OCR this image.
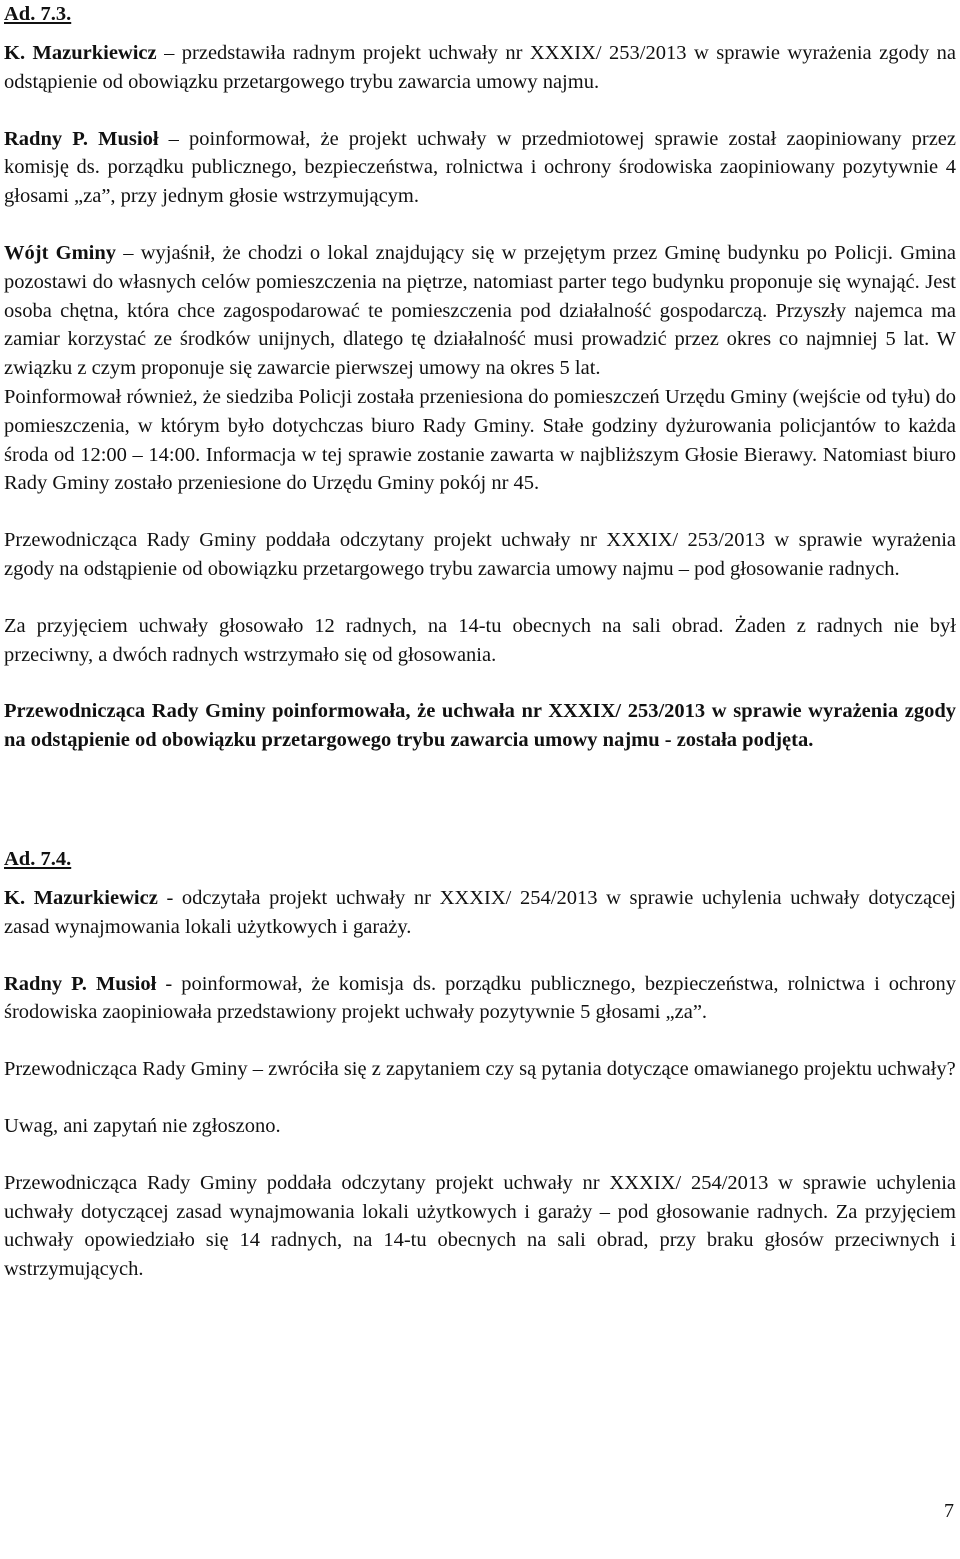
Ad. 7.3.

K. Mazurkiewicz – przedstawiła radnym projekt uchwały nr XXXIX/ 253/2013 w sprawie wyrażenia zgody na odstąpienie od obowiązku przetargowego trybu zawarcia umowy najmu.

Radny P. Musioł – poinformował, że projekt uchwały w przedmiotowej sprawie został zaopiniowany przez komisję ds. porządku publicznego, bezpieczeństwa, rolnictwa i ochrony środowiska zaopiniowany pozytywnie 4 głosami „za”, przy jednym głosie wstrzymującym.

Wójt Gminy – wyjaśnił, że chodzi o lokal znajdujący się w przejętym przez Gminę budynku po Policji. Gmina pozostawi do własnych celów pomieszczenia na piętrze, natomiast parter tego budynku proponuje się wynająć. Jest osoba chętna, która chce zagospodarować te pomieszczenia pod działalność gospodarczą. Przyszły najemca ma zamiar korzystać ze środków unijnych, dlatego tę działalność musi prowadzić przez okres co najmniej 5 lat. W związku z czym proponuje się zawarcie pierwszej umowy na okres 5 lat.

Poinformował również, że siedziba Policji została przeniesiona do pomieszczeń Urzędu Gminy (wejście od tyłu) do pomieszczenia, w którym było dotychczas biuro Rady Gminy. Stałe godziny dyżurowania policjantów to każda środa od 12:00 – 14:00. Informacja w tej sprawie zostanie zawarta w najbliższym Głosie Bierawy. Natomiast biuro Rady Gminy zostało przeniesione do Urzędu Gminy pokój nr 45.

Przewodnicząca Rady Gminy poddała odczytany projekt uchwały nr XXXIX/ 253/2013 w sprawie wyrażenia zgody na odstąpienie od obowiązku przetargowego trybu zawarcia umowy najmu – pod głosowanie radnych.

Za przyjęciem uchwały głosowało 12 radnych, na 14-tu obecnych na sali obrad. Żaden z radnych nie był przeciwny, a dwóch radnych wstrzymało się od głosowania.

Przewodnicząca Rady Gminy poinformowała, że uchwała nr XXXIX/ 253/2013 w sprawie wyrażenia zgody na odstąpienie od obowiązku przetargowego trybu zawarcia umowy najmu - została podjęta.

Ad. 7.4.

K. Mazurkiewicz - odczytała projekt uchwały nr XXXIX/ 254/2013 w sprawie uchylenia uchwały dotyczącej zasad wynajmowania lokali użytkowych i garaży.

Radny P. Musioł - poinformował, że komisja ds. porządku publicznego, bezpieczeństwa, rolnictwa i ochrony środowiska zaopiniowała przedstawiony projekt uchwały pozytywnie 5 głosami „za”.

Przewodnicząca Rady Gminy – zwróciła się z zapytaniem czy są pytania dotyczące omawianego projektu uchwały?

Uwag, ani zapytań nie zgłoszono.

Przewodnicząca Rady Gminy poddała odczytany projekt uchwały nr XXXIX/ 254/2013 w sprawie uchylenia uchwały dotyczącej zasad wynajmowania lokali użytkowych i garaży – pod głosowanie radnych. Za przyjęciem uchwały opowiedziało się 14 radnych, na 14-tu obecnych na sali obrad, przy braku głosów przeciwnych i wstrzymujących.

7
